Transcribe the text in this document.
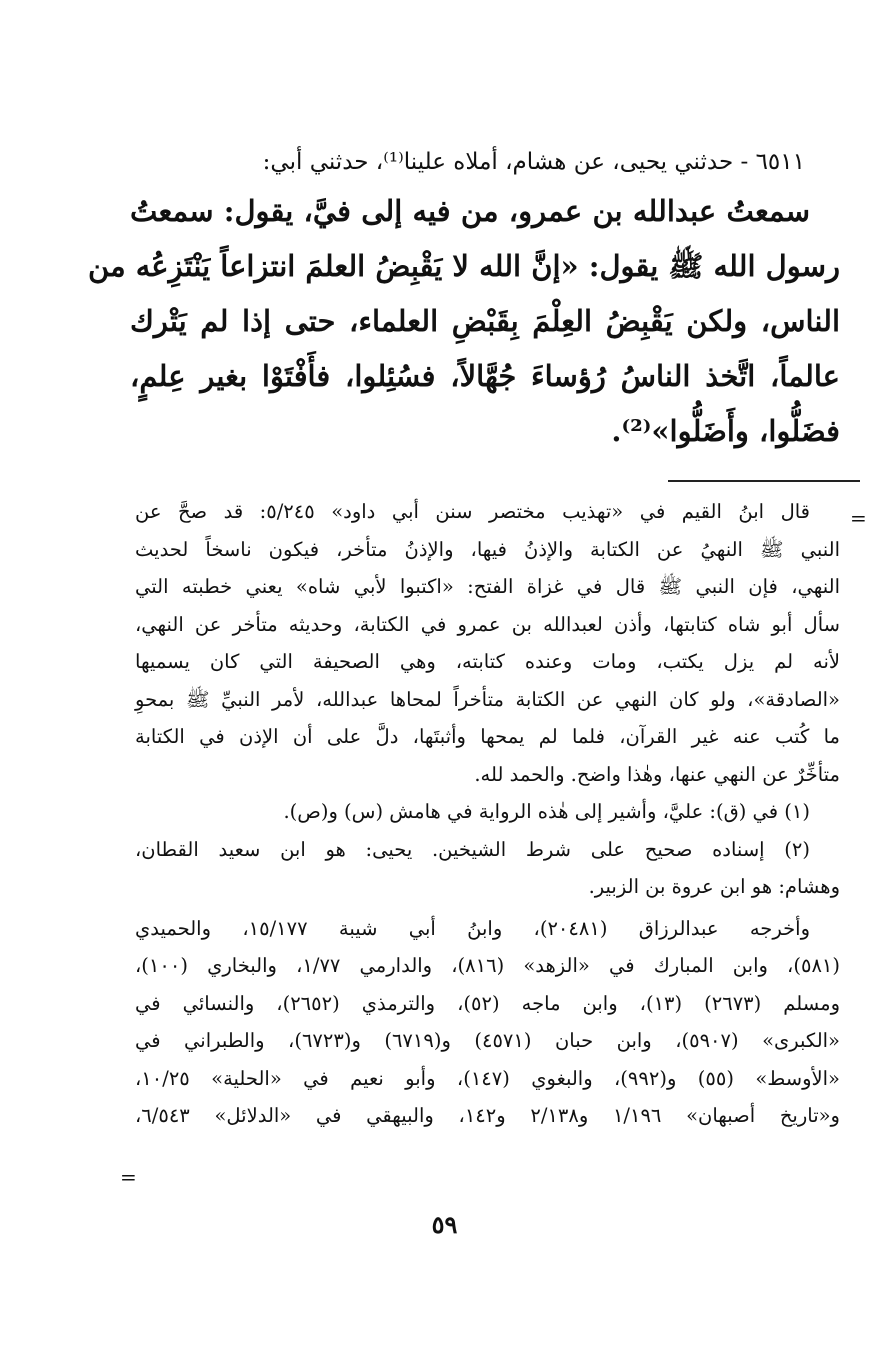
٦٥١١ - حدثني يحيى، عن هشام، أملاه علينا⁽¹⁾، حدثني أبي:
سمعتُ عبدالله بن عمرو، من فيه إلى فيَّ، يقول: سمعتُ
رسول الله ﷺ يقول: «إنَّ الله لا يَقْبِضُ العلمَ انتزاعاً يَنْتَزِعُه من
الناس، ولكن يَقْبِضُ العِلْمَ بِقَبْضِ العلماء، حتى إذا لم يَتْرك
عالماً، اتَّخذ الناسُ رُؤساءَ جُهَّالاً، فسُئِلوا، فأَفْتَوْا بغير عِلمٍ،
فضَلُّوا، وأَضَلُّوا»⁽²⁾.
=
قال ابنُ القيم في «تهذيب مختصر سنن أبي داود» ٥/٢٤٥: قد صحَّ عن
النبي ﷺ النهيُ عن الكتابة والإذنُ فيها، والإذنُ متأخر، فيكون ناسخاً لحديث
النهي، فإن النبي ﷺ قال في غزاة الفتح: «اكتبوا لأبي شاه» يعني خطبته التي
سأل أبو شاه كتابتها، وأذن لعبدالله بن عمرو في الكتابة، وحديثه متأخر عن النهي،
لأنه لم يزل يكتب، ومات وعنده كتابته، وهي الصحيفة التي كان يسميها
«الصادقة»، ولو كان النهي عن الكتابة متأخراً لمحاها عبدالله، لأمر النبيِّ ﷺ بمحوِ
ما كُتب عنه غير القرآن، فلما لم يمحها وأثبتَها، دلَّ على أن الإذن في الكتابة
متأخِّرٌ عن النهي عنها، وهٰذا واضح. والحمد لله.
(١) في (ق): عليَّ، وأشير إلى هٰذه الرواية في هامش (س) و(ص).
(٢) إسناده صحيح على شرط الشيخين. يحيى: هو ابن سعيد القطان،
وهشام: هو ابن عروة بن الزبير.
وأخرجه عبدالرزاق (٢٠٤٨١)، وابنُ أبي شيبة ١٥/١٧٧، والحميدي
(٥٨١)، وابن المبارك في «الزهد» (٨١٦)، والدارمي ١/٧٧، والبخاري (١٠٠)،
ومسلم (٢٦٧٣) (١٣)، وابن ماجه (٥٢)، والترمذي (٢٦٥٢)، والنسائي في
«الكبرى» (٥٩٠٧)، وابن حبان (٤٥٧١) و(٦٧١٩) و(٦٧٢٣)، والطبراني في
«الأوسط» (٥٥) و(٩٩٢)، والبغوي (١٤٧)، وأبو نعيم في «الحلية» ١٠/٢٥،
و«تاريخ أصبهان» ١/١٩٦ و٢/١٣٨ و١٤٢، والبيهقي في «الدلائل» ٦/٥٤٣،
=
٥٩
